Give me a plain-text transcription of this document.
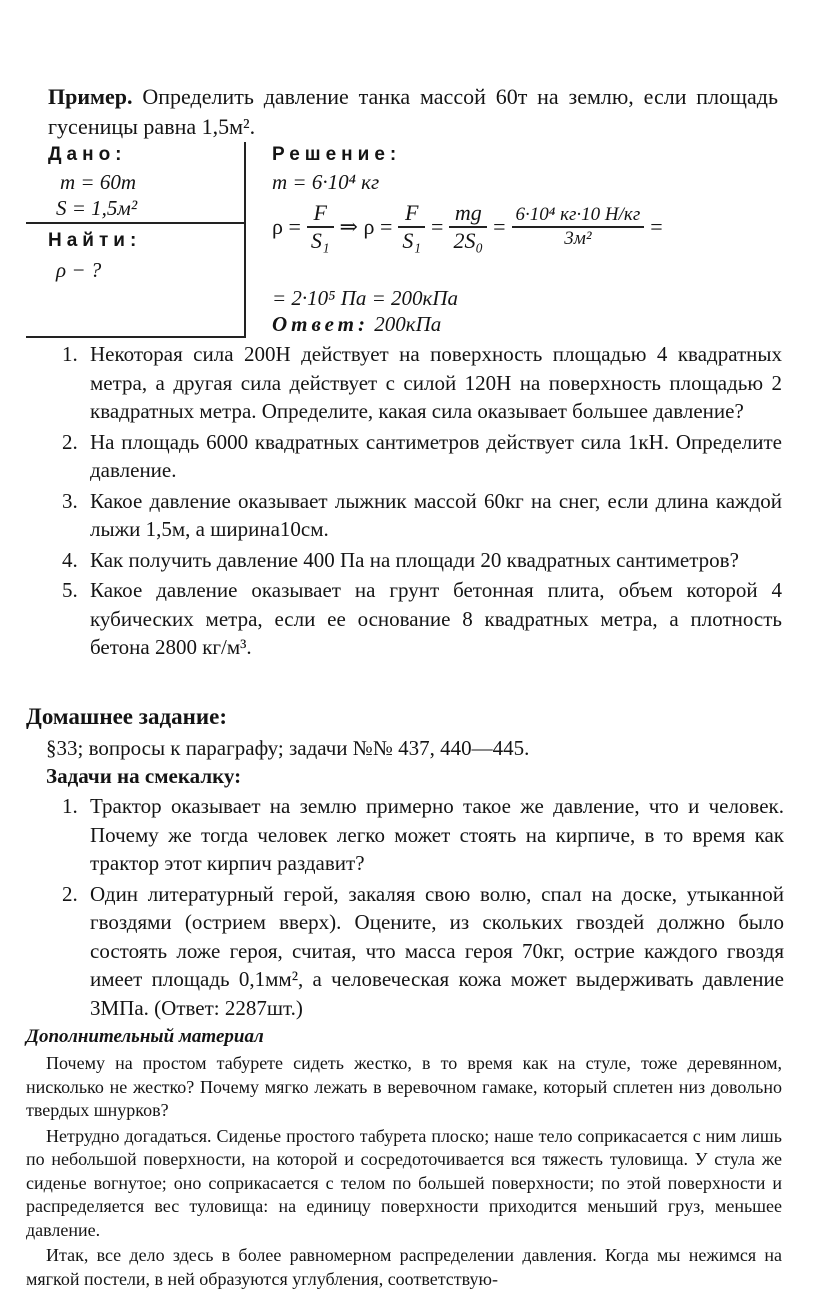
Пример. Определить давление танка массой 60т на землю, если площадь гусеницы равна 1,5м².
Дано:
m = 60т
S = 1,5м²
Найти:
ρ − ?
Решение:
m = 6·10⁴ кг
$\rho = \frac{F}{\text{S₁}}$ ⇒ $\rho = \frac{F}{\text{S₁}} = \frac{mg}{\text{2S₀}} = \frac{\text{6·10⁴ кг·10 Н/кг}}{\text{3м²}}$ =
= 2·10⁵ Па = 200кПа
Ответ: 200кПа
1. Некоторая сила 200Н действует на поверхность площадью 4 квадратных метра, а другая сила действует с силой 120Н на поверхность площадью 2 квадратных метра. Определите, какая сила оказывает большее давление?
2. На площадь 6000 квадратных сантиметров действует сила 1кН. Определите давление.
3. Какое давление оказывает лыжник массой 60кг на снег, если длина каждой лыжи 1,5м, а ширина10см.
4. Как получить давление 400 Па на площади 20 квадратных сантиметров?
5. Какое давление оказывает на грунт бетонная плита, объем которой 4 кубических метра, если ее основание 8 квадратных метра, а плотность бетона 2800 кг/м³.
Домашнее задание:
§33; вопросы к параграфу; задачи №№ 437, 440—445.
Задачи на смекалку:
1. Трактор оказывает на землю примерно такое же давление, что и человек. Почему же тогда человек легко может стоять на кирпиче, в то время как трактор этот кирпич раздавит?
2. Один литературный герой, закаляя свою волю, спал на доске, утыканной гвоздями (острием вверх). Оцените, из скольких гвоздей должно было состоять ложе героя, считая, что масса героя 70кг, острие каждого гвоздя имеет площадь 0,1мм², а человеческая кожа может выдерживать давление 3МПа. (Ответ: 2287шт.)
Дополнительный материал

Почему на простом табурете сидеть жестко, в то время как на стуле, тоже деревянном, нисколько не жестко? Почему мягко лежать в веревочном гамаке, который сплетен низ довольно твердых шнурков?

Нетрудно догадаться. Сиденье простого табурета плоско; наше тело соприкасается с ним лишь по небольшой поверхности, на которой и сосредоточивается вся тяжесть туловища. У стула же сиденье вогнутое; оно соприкасается с телом по большей поверхности; по этой поверхности и распределяется вес туловища: на единицу поверхности приходится меньший груз, меньшее давление.

Итак, все дело здесь в более равномерном распределении давления. Когда мы нежимся на мягкой постели, в ней образуются углубления, соответствую-
